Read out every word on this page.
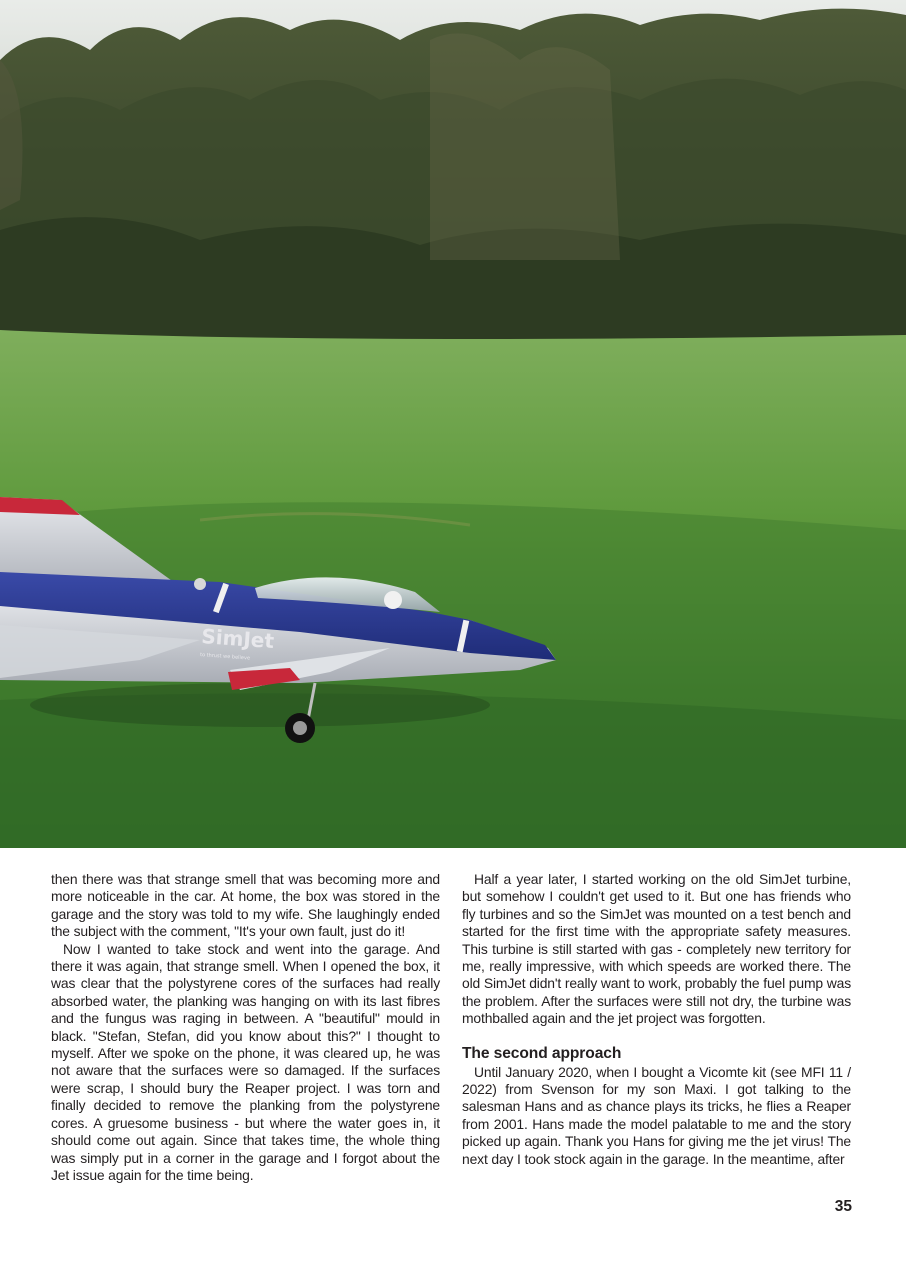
SimJet
to thrust we believe

then there was that strange smell that was becoming more and more noticeable in the car. At home, the box was stored in the garage and the story was told to my wife. She laughingly ended the subject with the comment, "It's your own fault, just do it!

Now I wanted to take stock and went into the garage. And there it was again, that strange smell. When I opened the box, it was clear that the polystyrene cores of the surfaces had really absorbed water, the planking was hanging on with its last fibres and the fungus was raging in between. A "beautiful" mould in black. "Stefan, Stefan, did you know about this?" I thought to myself. After we spoke on the phone, it was cleared up, he was not aware that the surfaces were so damaged. If the surfaces were scrap, I should bury the Reaper project. I was torn and finally decided to remove the planking from the polystyrene cores. A gruesome business - but where the water goes in, it should come out again. Since that takes time, the whole thing was simply put in a corner in the garage and I forgot about the Jet issue again for the time being.

Half a year later, I started working on the old SimJet turbine, but somehow I couldn't get used to it. But one has friends who fly turbines and so the SimJet was mounted on a test bench and started for the first time with the appropriate safety measures. This turbine is still started with gas - completely new territory for me, really impressive, with which speeds are worked there. The old SimJet didn't really want to work, probably the fuel pump was the problem. After the surfaces were still not dry, the turbine was mothballed again and the jet project was forgotten.

The second approach

Until January 2020, when I bought a Vicomte kit (see MFI 11 / 2022) from Svenson for my son Maxi. I got talking to the salesman Hans and as chance plays its tricks, he flies a Reaper from 2001. Hans made the model palatable to me and the story picked up again. Thank you Hans for giving me the jet virus! The next day I took stock again in the garage. In the meantime, after

35
